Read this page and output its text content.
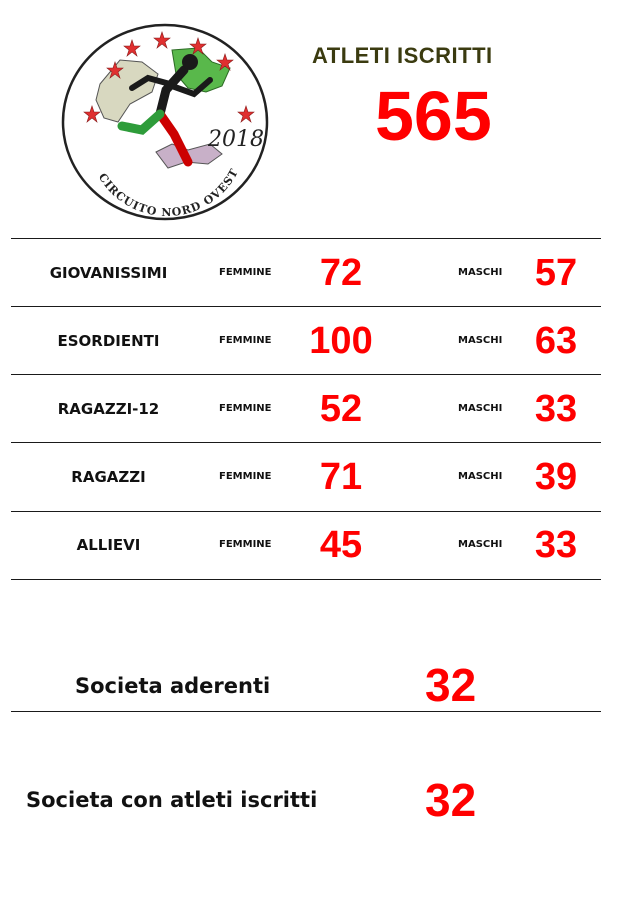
2018
CIRCUITO NORD OVEST
ATLETI ISCRITTI
565
GIOVANISSIMI	FEMMINE	72	MASCHI 57
ESORDIENTI	FEMMINE 100	MASCHI 63
RAGAZZI-12	FEMMINE	52	MASCHI 33
RAGAZZI	FEMMINE	71	MASCHI 39
ALLIEVI	FEMMINE	45	MASCHI 33
Societa aderenti	32
Societa con atleti iscritti 32
